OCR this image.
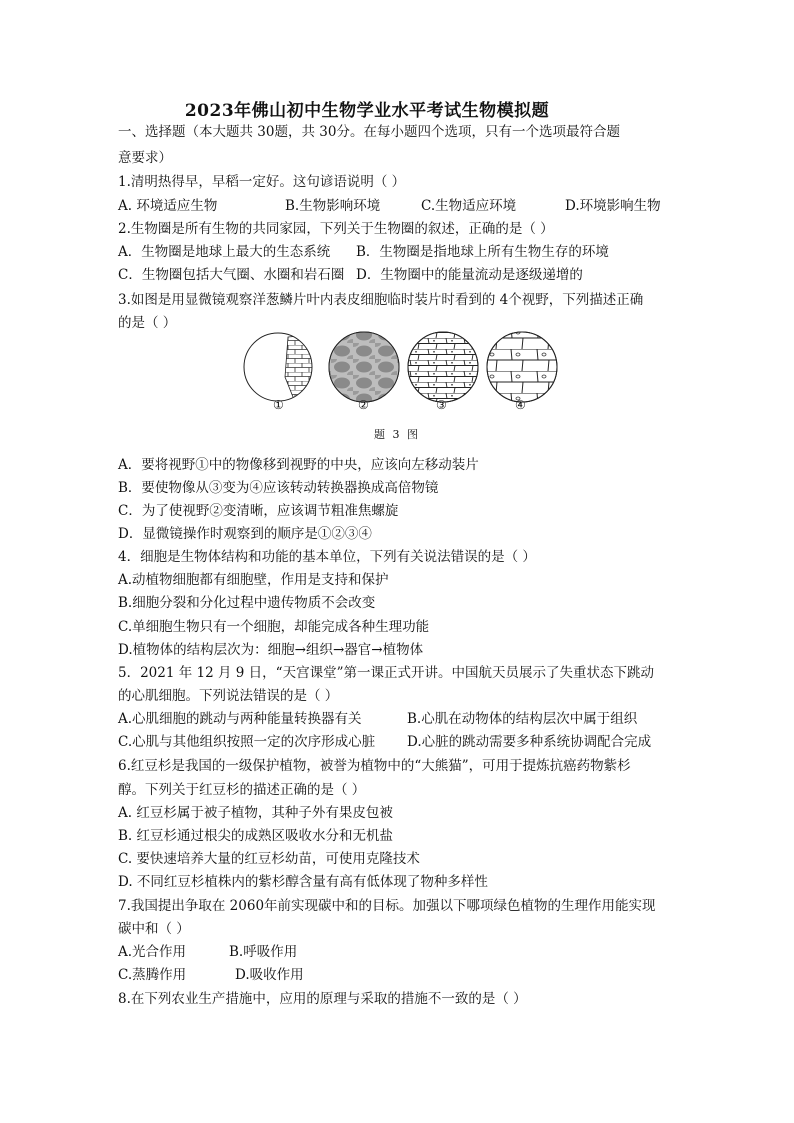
2023年佛山初中生物学业水平考试生物模拟题
一、选择题（本大题共 30题，共 30分。在每小题四个选项，只有一个选项最符合题
意要求）
1.清明热得早，早稻一定好。这句谚语说明（ ）
A. 环境适应生物	B.生物影响环境	C.生物适应环境	D.环境影响生物
2.生物圈是所有生物的共同家园，下列关于生物圈的叙述，正确的是（ ）
A．生物圈是地球上最大的生态系统 B．生物圈是指地球上所有生物生存的环境
C．生物圈包括大气圈、水圈和岩石圈 D．生物圈中的能量流动是逐级递增的
3.如图是用显微镜观察洋葱鳞片叶内表皮细胞临时装片时看到的 4个视野，下列描述正确
的是（ ）
①	②	③	④
题 3 图
A．要将视野①中的物像移到视野的中央，应该向左移动装片
B．要使物像从③变为④应该转动转换器换成高倍物镜
C．为了使视野②变清晰，应该调节粗准焦螺旋
D．显微镜操作时观察到的顺序是①②③④
4．细胞是生物体结构和功能的基本单位，下列有关说法错误的是（ ）
A.动植物细胞都有细胞壁，作用是支持和保护
B.细胞分裂和分化过程中遗传物质不会改变
C.单细胞生物只有一个细胞，却能完成各种生理功能
D.植物体的结构层次为：细胞→组织→器官→植物体
5．2021 年 12 月 9 日，“天宫课堂”第一课正式开讲。中国航天员展示了失重状态下跳动
的心肌细胞。下列说法错误的是（ ）
A.心肌细胞的跳动与两种能量转换器有关	B.心肌在动物体的结构层次中属于组织
C.心肌与其他组织按照一定的次序形成心脏 D.心脏的跳动需要多种系统协调配合完成
6.红豆杉是我国的一级保护植物，被誉为植物中的“大熊猫”，可用于提炼抗癌药物紫杉
醇。下列关于红豆杉的描述正确的是（ ）
A. 红豆杉属于被子植物，其种子外有果皮包被
B. 红豆杉通过根尖的成熟区吸收水分和无机盐
C. 要快速培养大量的红豆杉幼苗，可使用克隆技术
D. 不同红豆杉植株内的紫杉醇含量有高有低体现了物种多样性
7.我国提出争取在 2060年前实现碳中和的目标。加强以下哪项绿色植物的生理作用能实现
碳中和（ ）
A.光合作用	B.呼吸作用
C.蒸腾作用	D.吸收作用
8.在下列农业生产措施中，应用的原理与采取的措施不一致的是（ ）
